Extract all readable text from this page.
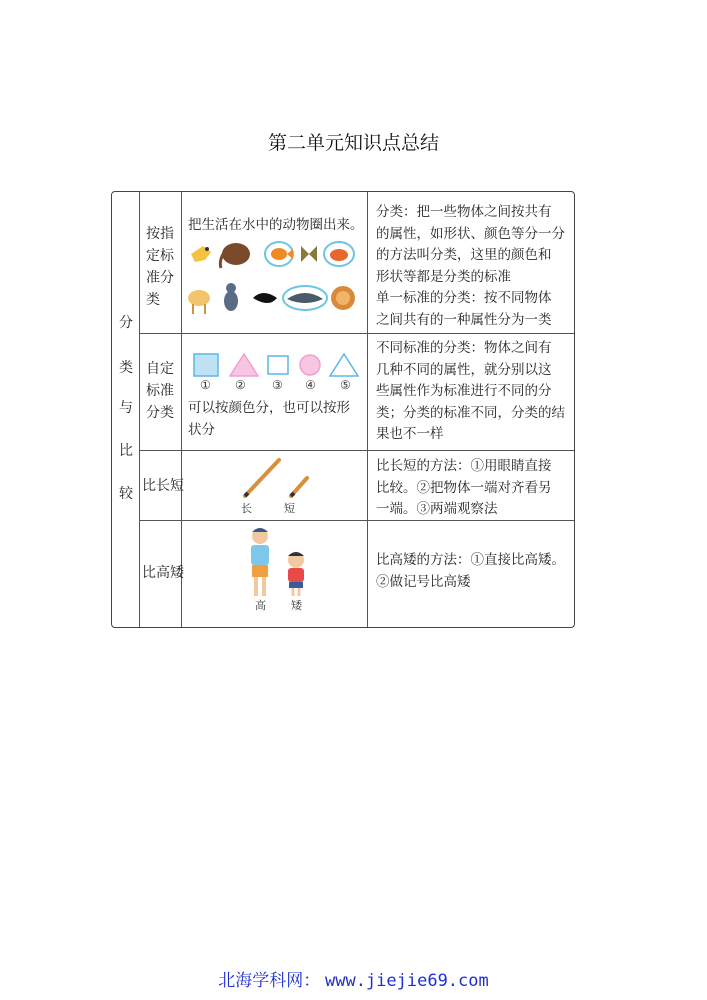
第二单元知识点总结
分
类
与
比
较
按指
定标
准分
类
把生活在水中的动物圈出来。
分类：把一些物体之间按共有
的属性，如形状、颜色等分一分
的方法叫分类，这里的颜色和
形状等都是分类的标准
单一标准的分类：按不同物体
之间共有的一种属性分为一类
自定
标准
分类
① ② ③ ④ ⑤
可以按颜色分，也可以按形
状分
不同标准的分类：物体之间有
几种不同的属性，就分别以这
些属性作为标准进行不同的分
类；分类的标准不同，分类的结
果也不一样
比长短
长	短
比长短的方法：①用眼睛直接
比较。②把物体一端对齐看另
一端。③两端观察法
比高矮
高 矮
比高矮的方法：①直接比高矮。
②做记号比高矮
北海学科网： www.jiejie69.com
